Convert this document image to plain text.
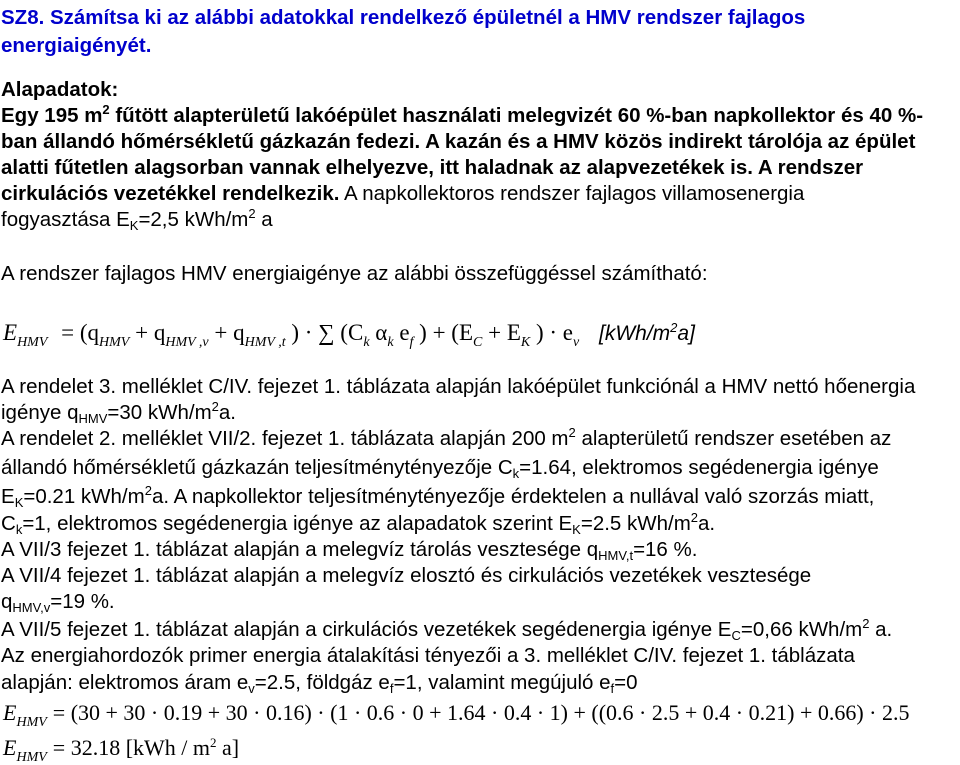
SZ8. Számítsa ki az alábbi adatokkal rendelkező épületnél a HMV rendszer fajlagos
energiaigényét.
Alapadatok:
Egy 195 $m^2$ fűtött alapterületű lakóépület használati melegvizét 60 %-ban napkollektor és 40 %-
ban állandó hőmérsékletű gázkazán fedezi. A kazán és a HMV közös indirekt tárolója az épület
alatti fűtetlen alagsorban vannak elhelyezve, itt haladnak az alapvezetékek is. A rendszer
cirkulációs vezetékkel rendelkezik. A napkollektoros rendszer fajlagos villamosenergia
fogyasztása $E_K=2,5$ kWh/$m^2$ a
A rendszer fajlagos HMV energiaigénye az alábbi összefüggéssel számítható:
$E_{HMV} = (q_{HMV} + q_{HMV ,v} + q_{HMV ,t}$ ) · ∑ ($C_k$ $\alpha_k$ $e_f$ ) + ($E_C + E_K$ ) · $e_v$ $[kWh/m^2a]$
A rendelet 3. melléklet C/IV. fejezet 1. táblázata alapján lakóépület funkciónál a HMV nettó hőenergia
igénye $q_{HMV}=30$ kWh/$m^2a$.
A rendelet 2. melléklet VII/2. fejezet 1. táblázata alapján 200 $m^2$ alapterületű rendszer esetében az
állandó hőmérsékletű gázkazán teljesítménytényezője $C_k=1.64$, elektromos segédenergia igénye
$E_K=0.21$ kWh/$m^2a$. A napkollektor teljesítménytényezője érdektelen a nullával való szorzás miatt,
$C_k=1$, elektromos segédenergia igénye az alapadatok szerint $E_K=2.5$ kWh/$m^2a$.
A VII/3 fejezet 1. táblázat alapján a melegvíz tárolás vesztesége $q_{HMV,t}=16$ %.
A VII/4 fejezet 1. táblázat alapján a melegvíz elosztó és cirkulációs vezetékek vesztesége
$q_{HMV,v}=19$ %.
A VII/5 fejezet 1. táblázat alapján a cirkulációs vezetékek segédenergia igénye $E_C=0,66$ kWh/$m^2$ a.
Az energiahordozók primer energia átalakítási tényezői a 3. melléklet C/IV. fejezet 1. táblázata
alapján: elektromos áram $e_v=2.5$, földgáz $e_f=1$, valamint megújuló $e_f=0$
$E_{HMV} = (30 + 30 \cdot 0.19 + 30 \cdot 0.16) \cdot (1 \cdot 0.6 \cdot 0 + 1.64 \cdot 0.4 \cdot 1) + ((0.6 \cdot 2.5 + 0.4 \cdot 0.21) + 0.66) \cdot 2.5$
$E_{HMV} = 32.18$ [$kWh / m^2$ a]
